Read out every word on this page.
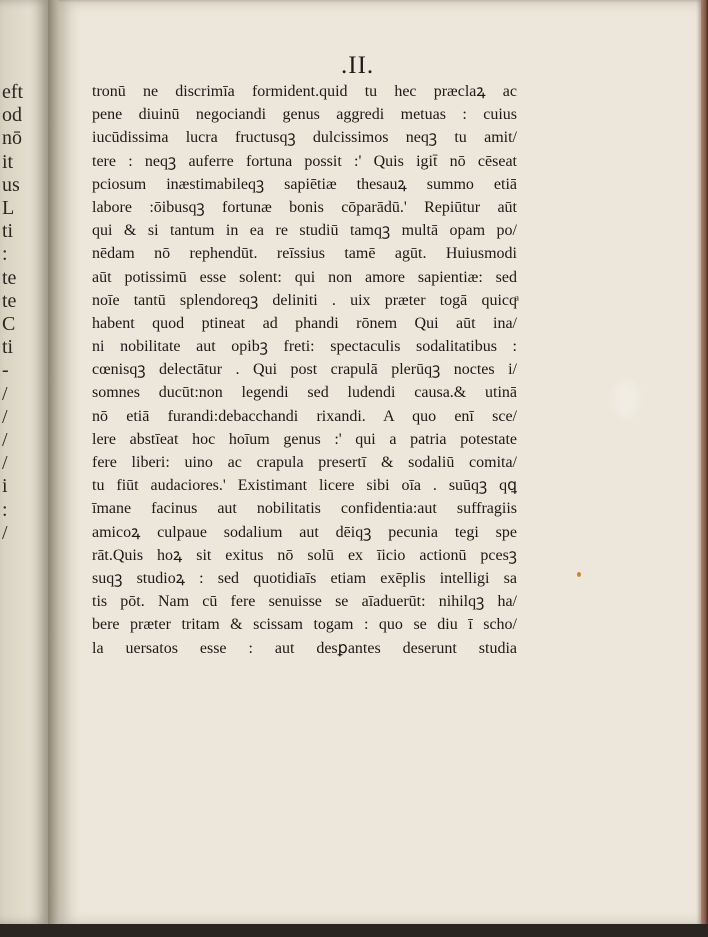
eft
od
nō
it
us
L
ti
:
te
te
C
ti
-
/
/
/
/
i
:
/
.II.
tronū ne discrimīa formident.quid tu hec præclaꝝ ac
pene diuinū negociandi genus aggredi metuas : cuius
iucūdissima lucra fructusqꝫ dulcissimos neqꝫ tu amit/
tere : neqꝫ auferre fortuna possit :' Quis igit̄ nō cēseat
pciosum inæstimabileqꝫ sapiētiæ thesauꝝ summo etiā
labore :ōibusqꝫ fortunæ bonis cōparādū.' Repiūtur aūt
qui & si tantum in ea re studiū tamqꝫ multā opam po/
nēdam nō rephendūt. reīssius tamē agūt. Huiusmodi
aūt potissimū esse solent: qui non amore sapientiæ: sed
noīe tantū splendoreqꝫ deliniti . uix præter togā quicqͣ
habent quod ptineat ad phandi rōnem Qui aūt ina/
ni nobilitate aut opibꝫ freti: spectaculis sodalitatibus :
cœnisqꝫ delectātur . Qui post crapulā plerūqꝫ noctes i/
somnes ducūt:non legendi sed ludendi causa.& utinā
nō etiā furandi:debacchandi rixandi. A quo enī sce/
lere abstīeat hoc hoīum genus :' qui a patria potestate
fere liberi: uino ac crapula presertī & sodaliū comita/
tu fiūt audaciores.' Existimant licere sibi oīa . suūqꝫ qꝗ
īmane facinus aut nobilitatis confidentia:aut suffragiis
amicoꝝ culpaue sodalium aut dēiqꝫ pecunia tegi spe
rāt.Quis hoꝝ sit exitus nō solū ex īicio actionū pcesꝫ
suqꝫ studioꝝ : sed quotidiaīs etiam exēplis intelligi sa
tis pōt. Nam cū fere senuisse se aīaduerūt: nihilqꝫ ha/
bere præter tritam & scissam togam : quo se diu ī scho/
la uersatos esse : aut desꝑantes deserunt studia
